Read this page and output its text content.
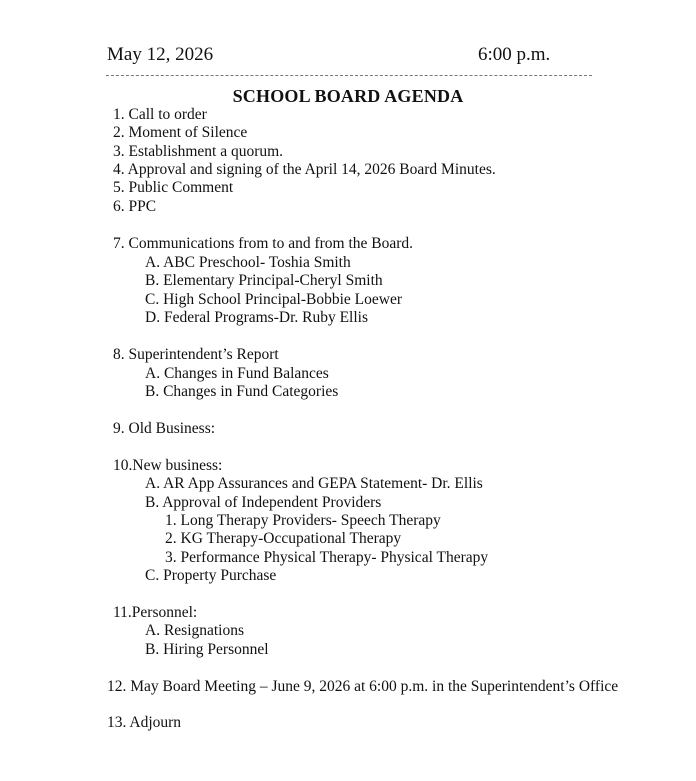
May 12, 2026	6:00 p.m.
SCHOOL BOARD AGENDA
1. Call to order
2. Moment of Silence
3. Establishment a quorum.
4. Approval and signing of the April 14, 2026 Board Minutes.
5. Public Comment
6. PPC
7. Communications from to and from the Board.
A. ABC Preschool- Toshia Smith
B. Elementary Principal-Cheryl Smith
C. High School Principal-Bobbie Loewer
D. Federal Programs-Dr. Ruby Ellis
8. Superintendent’s Report
A. Changes in Fund Balances
B. Changes in Fund Categories
9. Old Business:
10.New business:
A. AR App Assurances and GEPA Statement- Dr. Ellis
B. Approval of Independent Providers
1. Long Therapy Providers- Speech Therapy
2. KG Therapy-Occupational Therapy
3. Performance Physical Therapy- Physical Therapy
C. Property Purchase
11.Personnel:
A. Resignations
B. Hiring Personnel
12. May Board Meeting – June 9, 2026 at 6:00 p.m. in the Superintendent’s Office
13. Adjourn
